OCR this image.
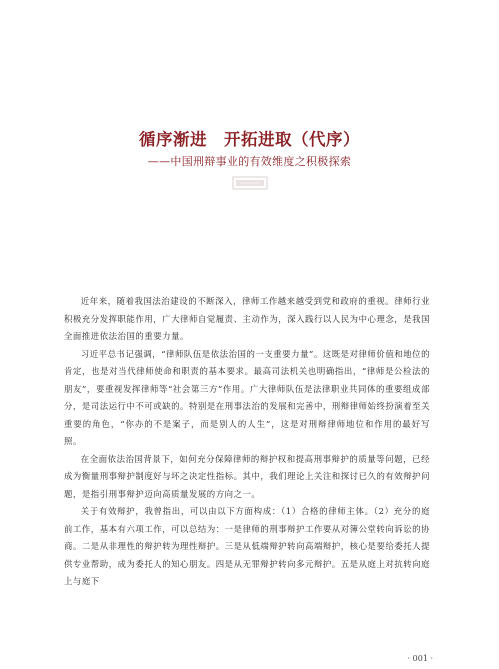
循序渐进　开拓进取（代序）
——中国刑辩事业的有效维度之积极探索

近年来，随着我国法治建设的不断深入，律师工作越来越受到党和政府的重视。律师行业积极充分发挥职能作用，广大律师自觉履责、主动作为，深入践行以人民为中心理念，是我国全面推进依法治国的重要力量。

习近平总书记强调，“律师队伍是依法治国的一支重要力量”。这既是对律师价值和地位的肯定，也是对当代律师使命和职责的基本要求。最高司法机关也明确指出，“律师是公检法的朋友”，要重视发挥律师等“社会第三方”作用。广大律师队伍是法律职业共同体的重要组成部分，是司法运行中不可或缺的。特别是在刑事法治的发展和完善中，刑辩律师始终扮演着至关重要的角色，“你办的不是案子，而是别人的人生”，这是对刑辩律师地位和作用的最好写照。

在全面依法治国背景下，如何充分保障律师的辩护权和提高刑事辩护的质量等问题，已经成为衡量刑事辩护制度好与坏之决定性指标。其中，我们理论上关注和探讨已久的有效辩护问题，是指引刑事辩护迈向高质量发展的方向之一。

关于有效辩护，我曾指出，可以由以下方面构成：（1）合格的律师主体。（2）充分的庭前工作，基本有六项工作，可以总结为：一是律师的刑事辩护工作要从对簿公堂转向诉讼的协商。二是从非理性的辩护转为理性辩护。三是从低端辩护转向高端辩护，核心是要给委托人提供专业帮助，成为委托人的知心朋友。四是从无罪辩护转向多元辩护。五是从庭上对抗转向庭上与庭下

· 001 ·
